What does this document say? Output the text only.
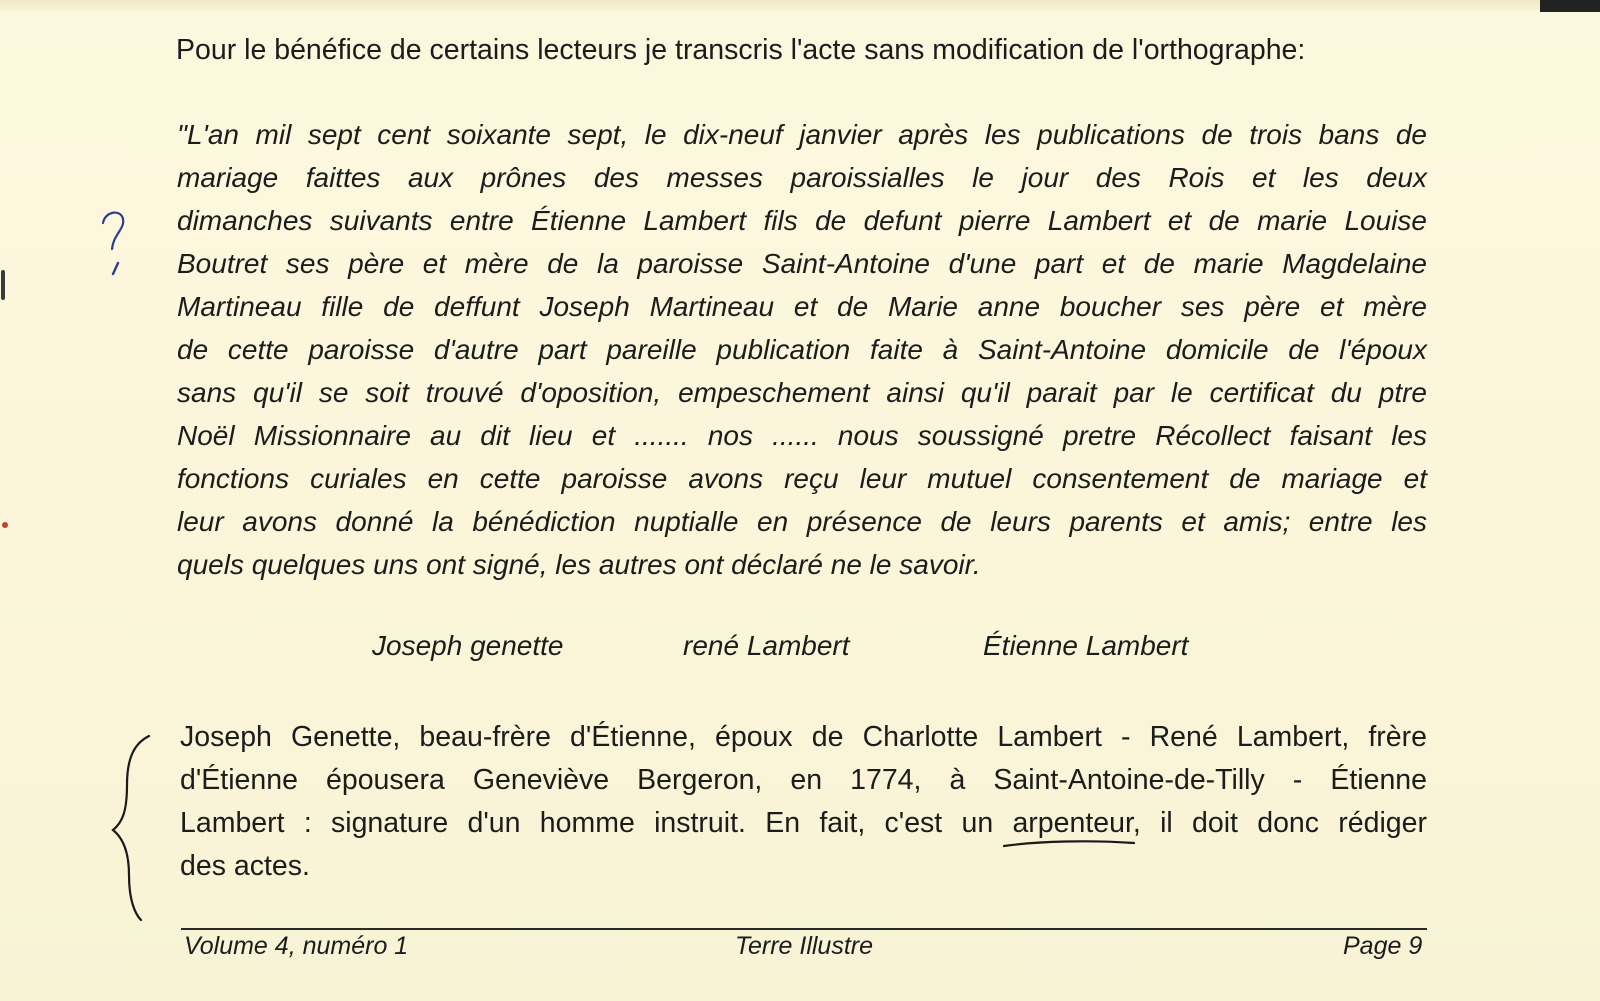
Pour le bénéfice de certains lecteurs je transcris l'acte sans modification de l'orthographe:
"L'an mil sept cent soixante sept, le dix-neuf janvier après les publications de trois bans de
mariage faittes aux prônes des messes paroissialles le jour des Rois et les deux
dimanches suivants entre Étienne Lambert fils de defunt pierre Lambert et de marie Louise
Boutret ses père et mère de la paroisse Saint-Antoine d'une part et de marie Magdelaine
Martineau fille de deffunt Joseph Martineau et de Marie anne boucher ses père et mère
de cette paroisse d'autre part pareille publication faite à Saint-Antoine domicile de l'époux
sans qu'il se soit trouvé d'oposition, empeschement ainsi qu'il parait par le certificat du ptre
Noël Missionnaire au dit lieu et ....... nos ...... nous soussigné pretre Récollect faisant les
fonctions curiales en cette paroisse avons reçu leur mutuel consentement de mariage et
leur avons donné la bénédiction nuptialle en présence de leurs parents et amis; entre les
quels quelques uns ont signé, les autres ont déclaré ne le savoir.
Joseph genette	rené Lambert	Étienne Lambert
Joseph Genette, beau-frère d'Étienne, époux de Charlotte Lambert - René Lambert, frère
d'Étienne épousera Geneviève Bergeron, en 1774, à Saint-Antoine-de-Tilly - Étienne
Lambert : signature d'un homme instruit. En fait, c'est un arpenteur, il doit donc rédiger
des actes.
Volume 4, numéro 1	Terre Illustre	Page 9
